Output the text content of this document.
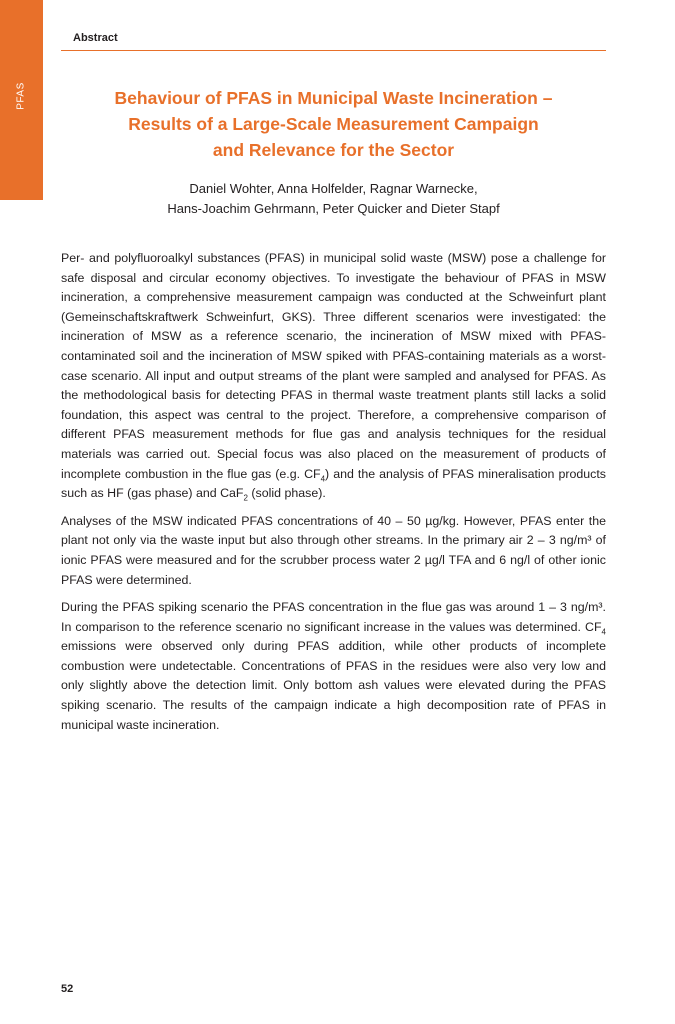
PFAS
Abstract
Behaviour of PFAS in Municipal Waste Incineration –
Results of a Large-Scale Measurement Campaign
and Relevance for the Sector
Daniel Wohter, Anna Holfelder, Ragnar Warnecke,
Hans-Joachim Gehrmann, Peter Quicker and Dieter Stapf

Per- and polyfluoroalkyl substances (PFAS) in municipal solid waste (MSW) pose a challenge for safe disposal and circular economy objectives. To investigate the behaviour of PFAS in MSW incineration, a comprehensive measurement campaign was conducted at the Schweinfurt plant (Gemeinschaftskraftwerk Schweinfurt, GKS). Three different scenarios were investigated: the incineration of MSW as a reference scenario, the incineration of MSW mixed with PFAS-contaminated soil and the incineration of MSW spiked with PFAS-containing materials as a worst-case scenario. All input and output streams of the plant were sampled and analysed for PFAS. As the methodological basis for detecting PFAS in thermal waste treatment plants still lacks a solid foundation, this aspect was central to the project. Therefore, a comprehensive comparison of different PFAS measurement methods for flue gas and analysis techniques for the residual materials was carried out. Special focus was also placed on the measurement of products of incomplete combustion in the flue gas (e.g. $CF_4$) and the analysis of PFAS mineralisation products such as HF (gas phase) and CaF$_2$ (solid phase).

Analyses of the MSW indicated PFAS concentrations of 40 – 50 µg/kg. However, PFAS enter the plant not only via the waste input but also through other streams. In the primary air 2 – 3 ng/m³ of ionic PFAS were measured and for the scrubber process water 2 µg/l TFA and 6 ng/l of other ionic PFAS were determined.

During the PFAS spiking scenario the PFAS concentration in the flue gas was around 1 – 3 ng/m³. In comparison to the reference scenario no significant increase in the values was determined. $CF_4$ emissions were observed only during PFAS addition, while other products of incomplete combustion were undetectable. Concentrations of PFAS in the residues were also very low and only slightly above the detection limit. Only bottom ash values were elevated during the PFAS spiking scenario. The results of the campaign indicate a high decomposition rate of PFAS in municipal waste incineration.

52
